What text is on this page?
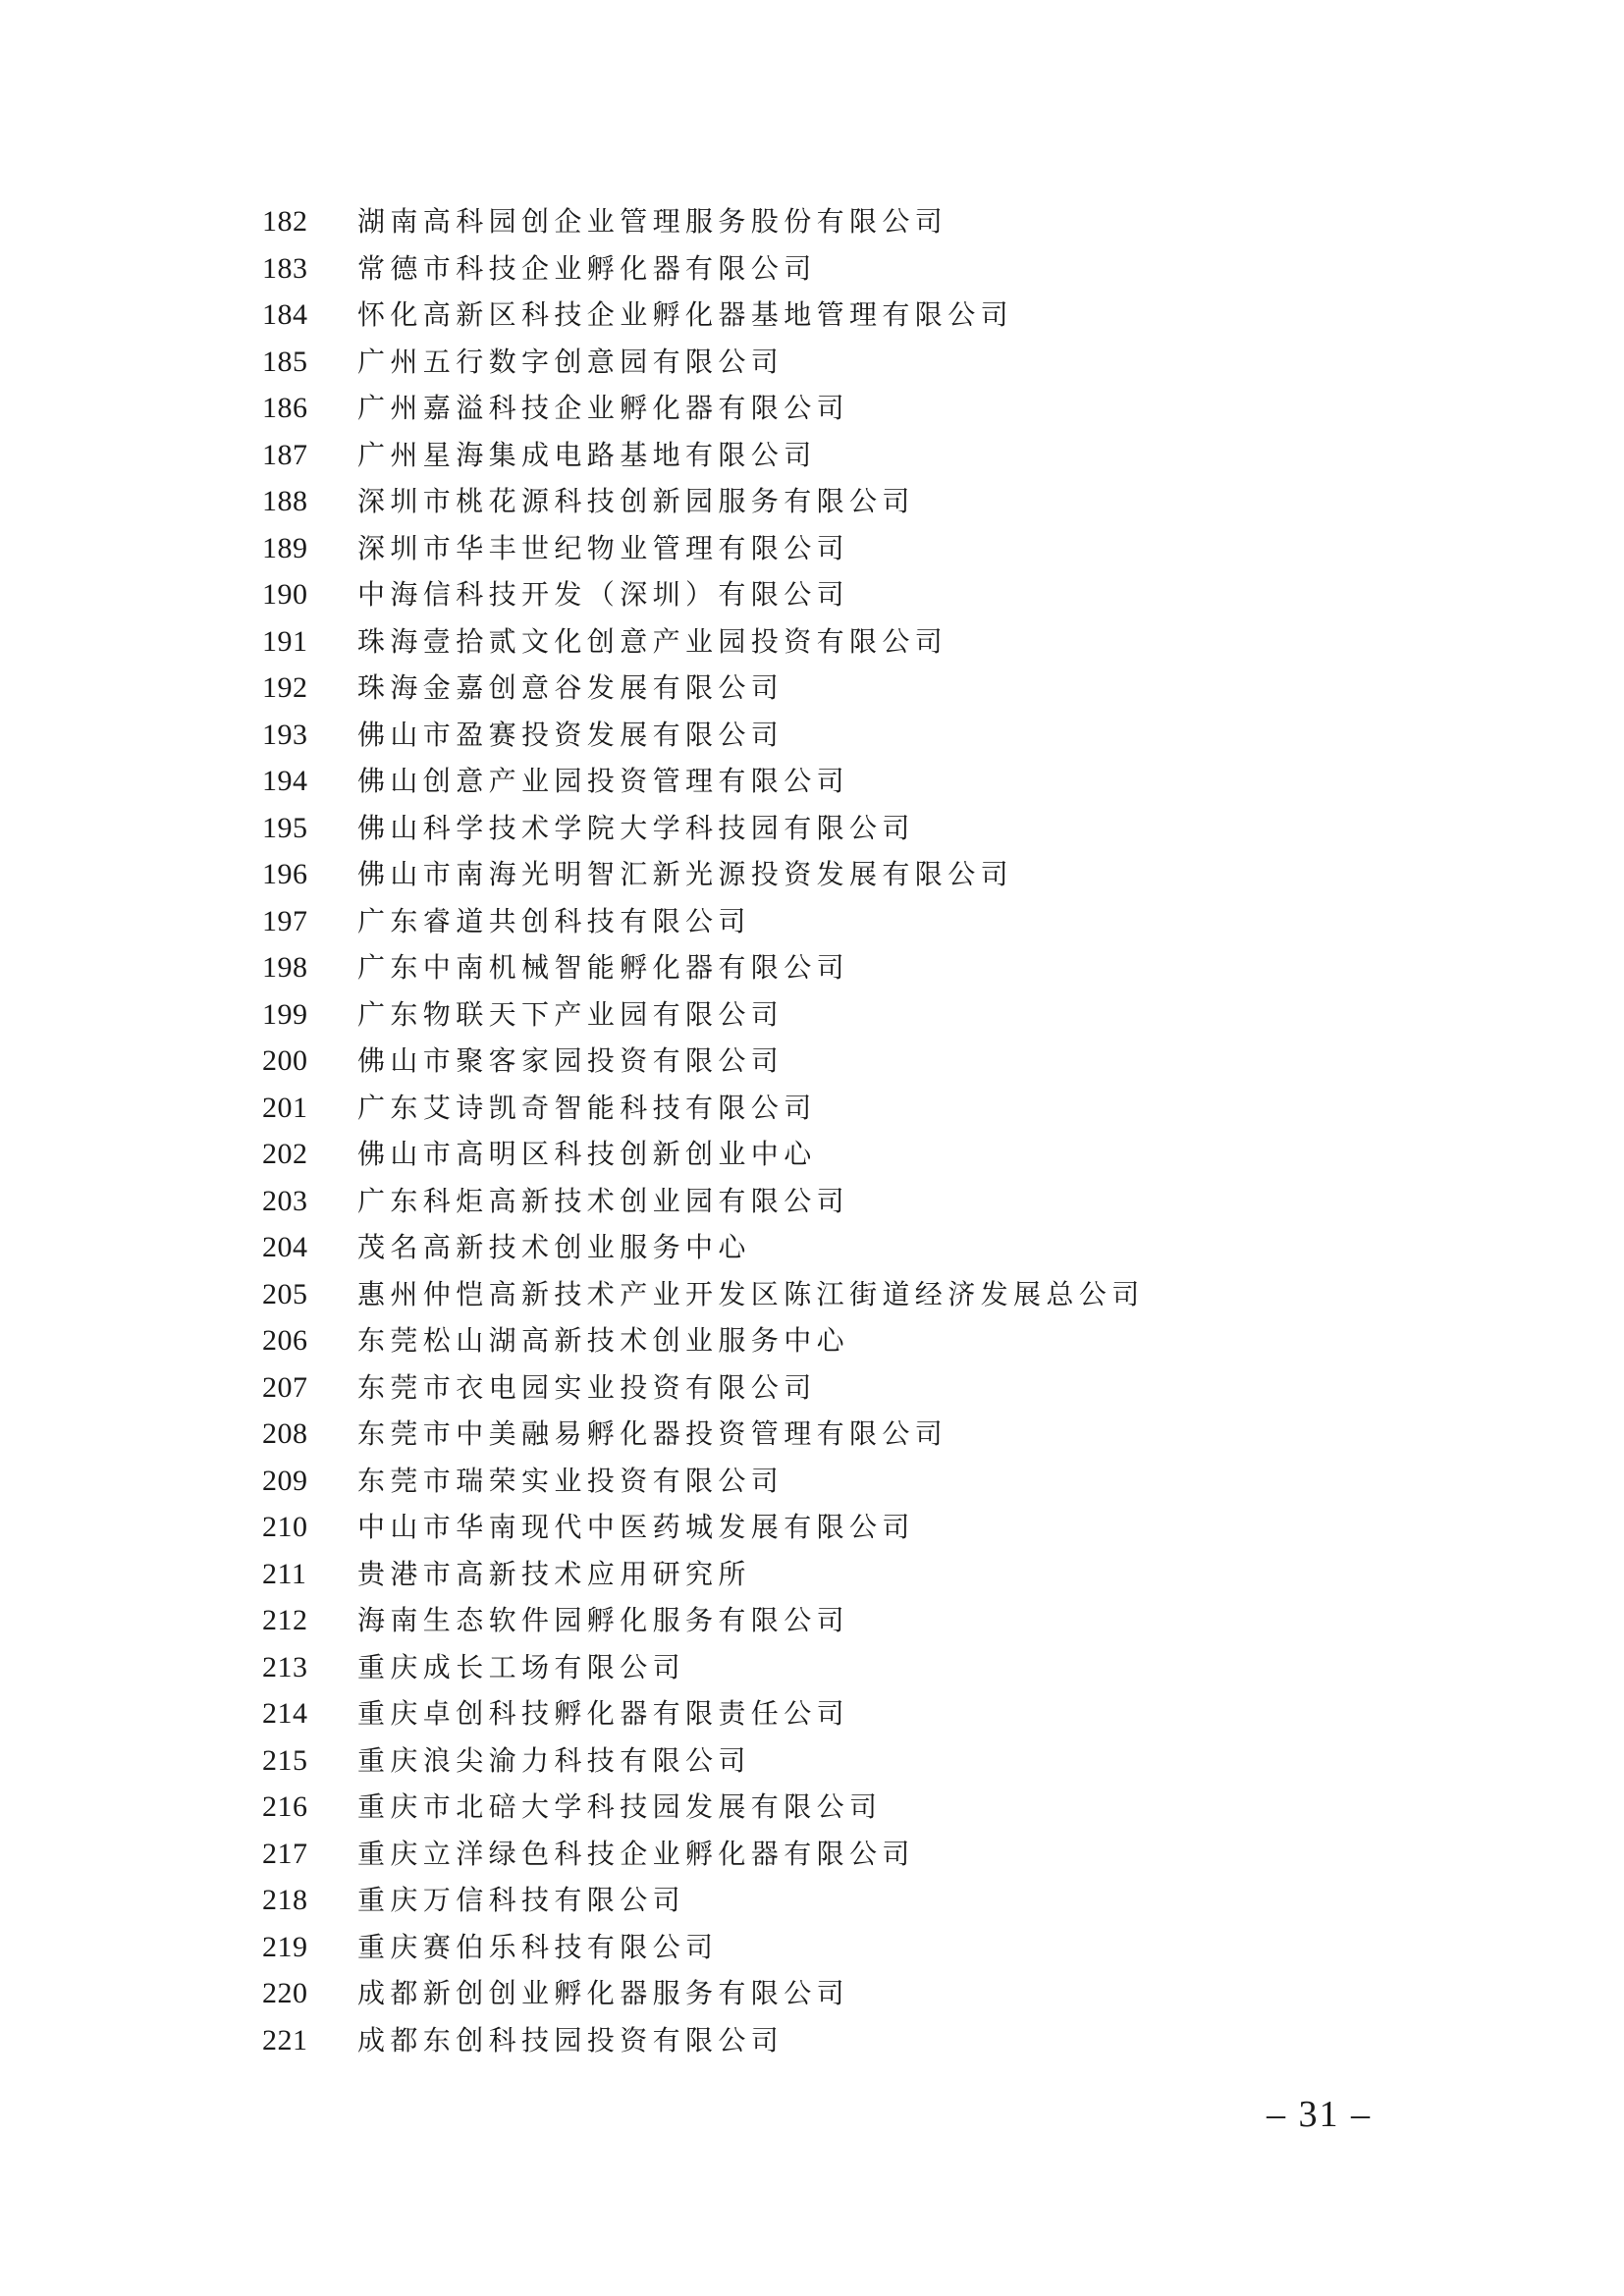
182	湖南高科园创企业管理服务股份有限公司
183	常德市科技企业孵化器有限公司
184	怀化高新区科技企业孵化器基地管理有限公司
185	广州五行数字创意园有限公司
186	广州嘉溢科技企业孵化器有限公司
187	广州星海集成电路基地有限公司
188	深圳市桃花源科技创新园服务有限公司
189	深圳市华丰世纪物业管理有限公司
190	中海信科技开发（深圳）有限公司
191	珠海壹拾贰文化创意产业园投资有限公司
192	珠海金嘉创意谷发展有限公司
193	佛山市盈赛投资发展有限公司
194	佛山创意产业园投资管理有限公司
195	佛山科学技术学院大学科技园有限公司
196	佛山市南海光明智汇新光源投资发展有限公司
197	广东睿道共创科技有限公司
198	广东中南机械智能孵化器有限公司
199	广东物联天下产业园有限公司
200	佛山市聚客家园投资有限公司
201	广东艾诗凯奇智能科技有限公司
202	佛山市高明区科技创新创业中心
203	广东科炬高新技术创业园有限公司
204	茂名高新技术创业服务中心
205	惠州仲恺高新技术产业开发区陈江街道经济发展总公司
206	东莞松山湖高新技术创业服务中心
207	东莞市衣电园实业投资有限公司
208	东莞市中美融易孵化器投资管理有限公司
209	东莞市瑞荣实业投资有限公司
210	中山市华南现代中医药城发展有限公司
211	贵港市高新技术应用研究所
212	海南生态软件园孵化服务有限公司
213	重庆成长工场有限公司
214	重庆卓创科技孵化器有限责任公司
215	重庆浪尖渝力科技有限公司
216	重庆市北碚大学科技园发展有限公司
217	重庆立洋绿色科技企业孵化器有限公司
218	重庆万信科技有限公司
219	重庆赛伯乐科技有限公司
220	成都新创创业孵化器服务有限公司
221	成都东创科技园投资有限公司
– 31 –
